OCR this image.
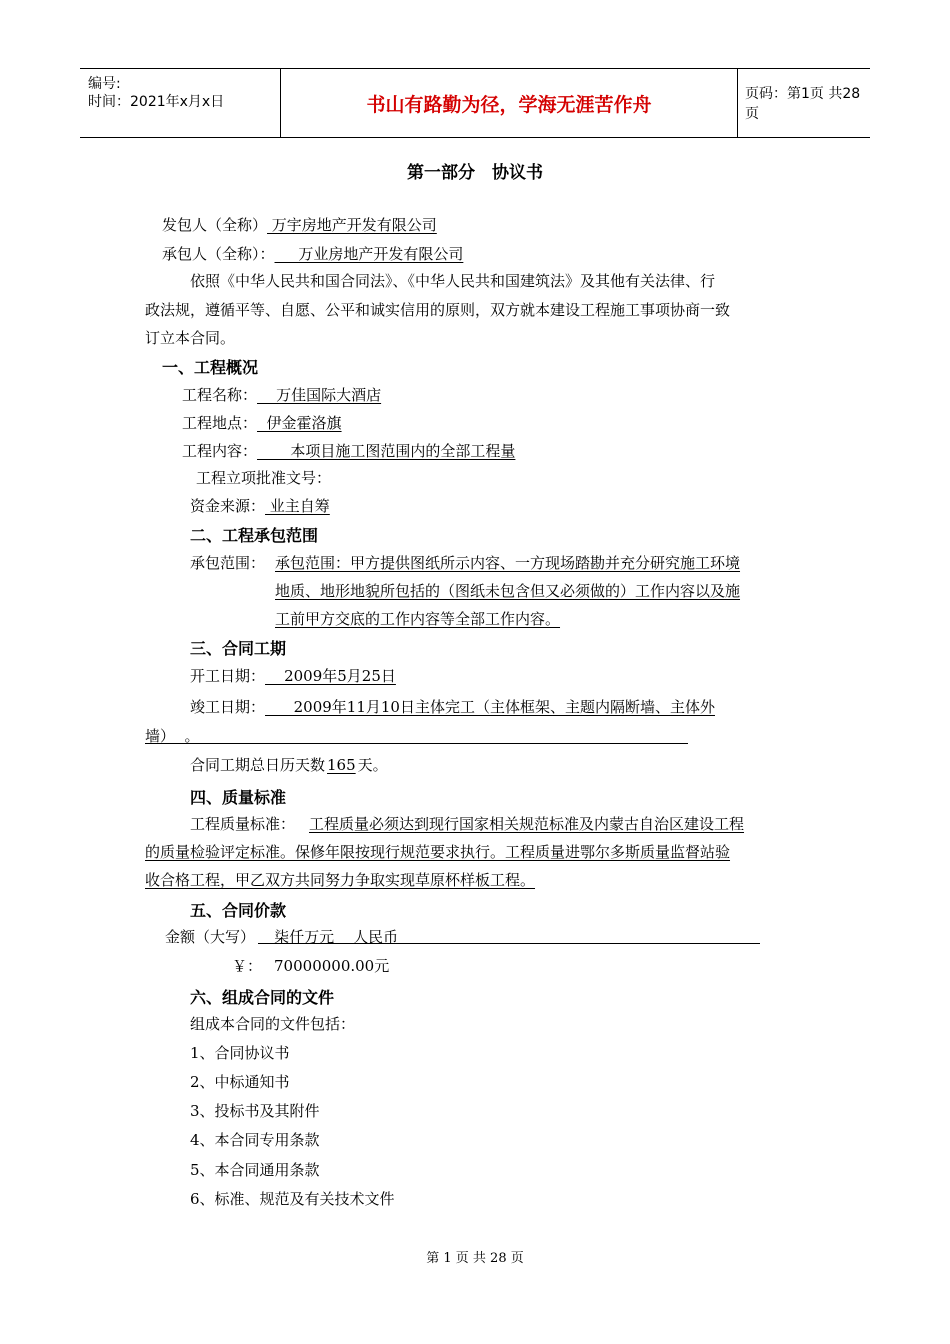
编号:
时间：2021年x月x日	书山有路勤为径，学海无涯苦作舟	页码：第1页 共28页
第一部分　协议书
发包人（全称） 万宇房地产开发有限公司
承包人（全称）：     万业房地产开发有限公司
依照《中华人民共和国合同法》、《中华人民共和国建筑法》及其他有关法律、行
政法规，遵循平等、自愿、公平和诚实信用的原则，双方就本建设工程施工事项协商一致
订立本合同。
一、工程概况
工程名称：    万佳国际大酒店
工程地点：  伊金霍洛旗
工程内容：       本项目施工图范围内的全部工程量
工程立项批准文号：
资金来源： 业主自筹
二、工程承包范围
承包范围： 承包范围：甲方提供图纸所示内容、一方现场踏勘并充分研究施工环境
地质、地形地貌所包括的（图纸未包含但又必须做的）工作内容以及施
工前甲方交底的工作内容等全部工作内容。
三、合同工期
开工日期：    2009年5月25日
竣工日期：      2009年11月10日主体完工（主体框架、主题内隔断墙、主体外
墙）  。
合同工期总日历天数 165 天。
四、质量标准
工程质量标准： 工程质量必须达到现行国家相关规范标准及内蒙古自治区建设工程
的质量检验评定标准。保修年限按现行规范要求执行。工程质量进鄂尔多斯质量监督站验
收合格工程，甲乙双方共同努力争取实现草原杯样板工程。
五、合同价款
金额（大写）    柒仟万元    人民币
￥： 70000000.00元
六、组成合同的文件
组成本合同的文件包括：
1、合同协议书
2、中标通知书
3、投标书及其附件
4、本合同专用条款
5、本合同通用条款
6、标准、规范及有关技术文件
第 1 页 共 28 页
